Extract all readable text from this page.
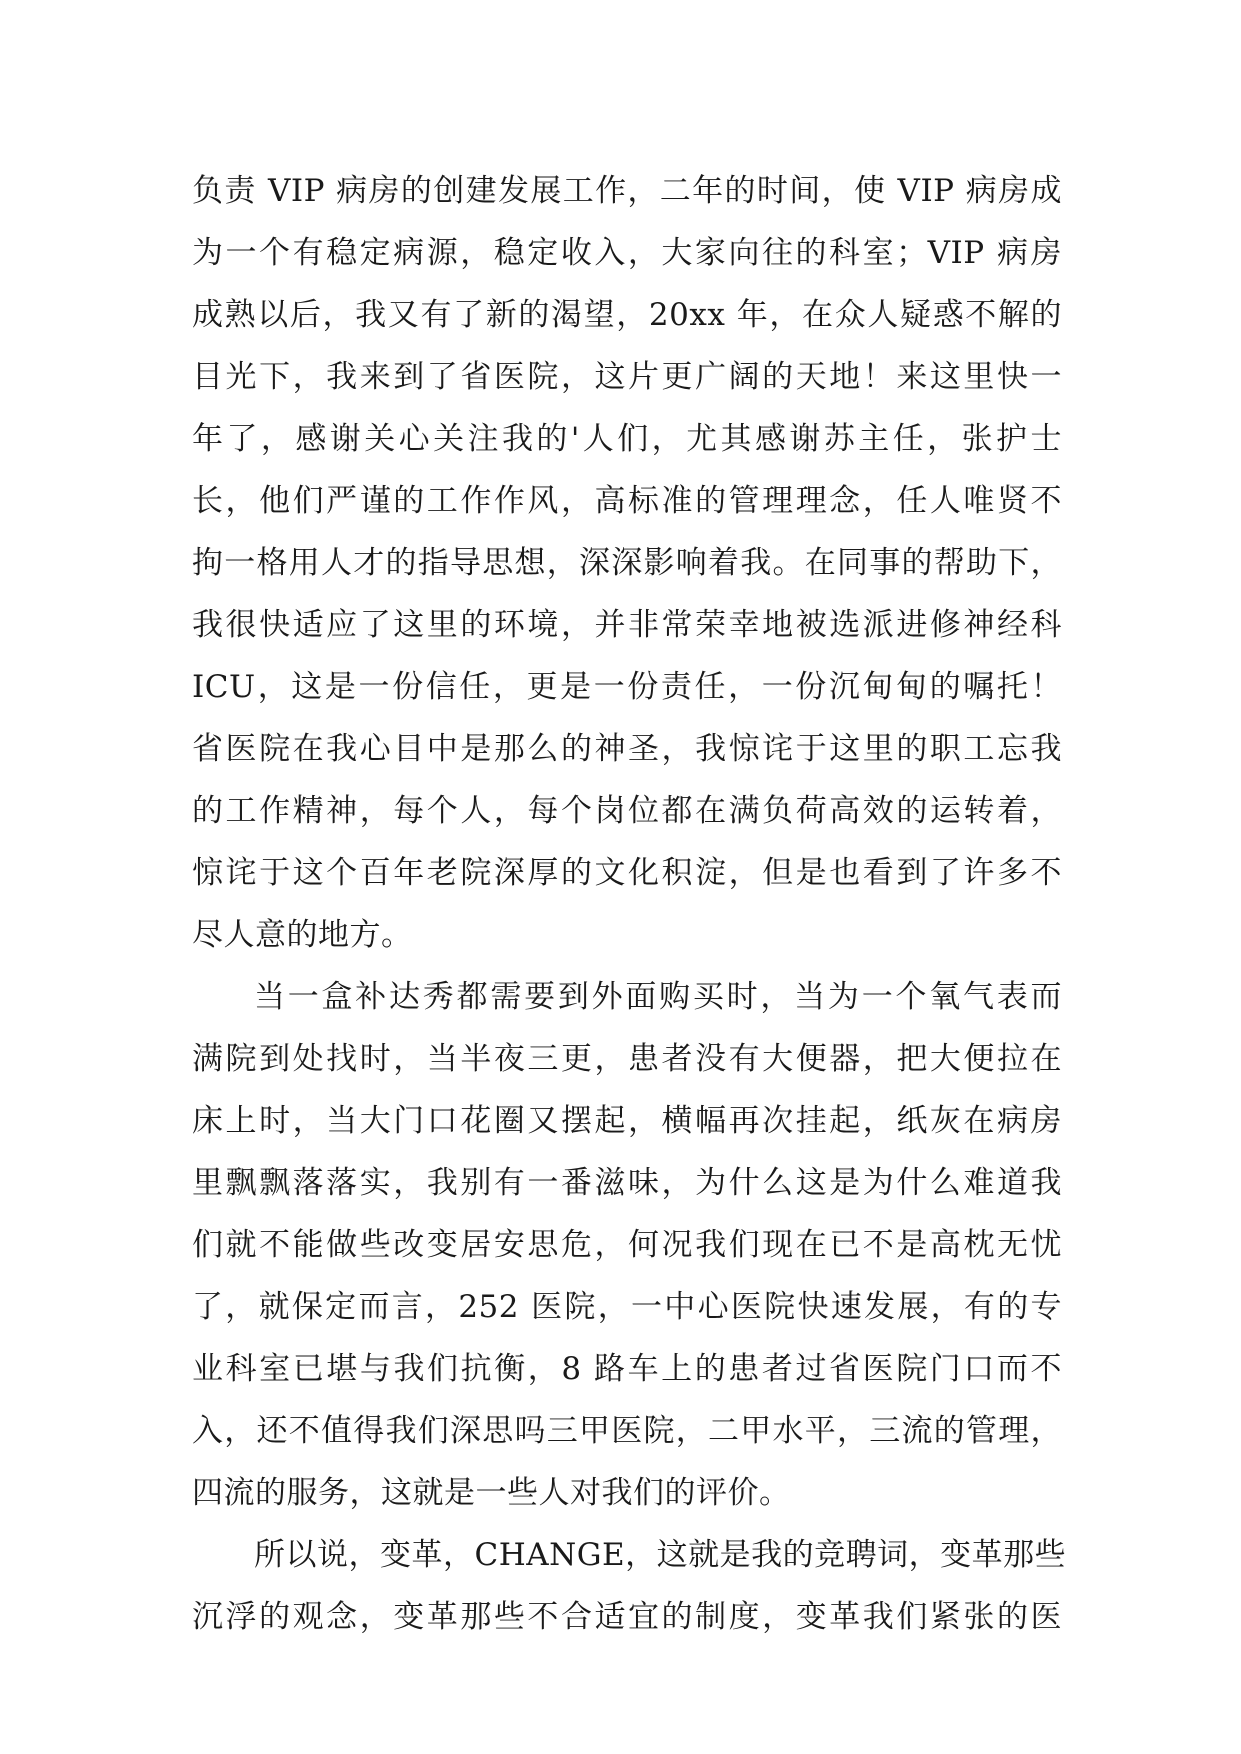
负责 VIP 病房的创建发展工作，二年的时间，使 VIP 病房成
为一个有稳定病源，稳定收入，大家向往的科室；VIP 病房
成熟以后，我又有了新的渴望，20xx 年，在众人疑惑不解的
目光下，我来到了省医院，这片更广阔的天地！来这里快一
年了，感谢关心关注我的'人们，尤其感谢苏主任，张护士
长，他们严谨的工作作风，高标准的管理理念，任人唯贤不
拘一格用人才的指导思想，深深影响着我。在同事的帮助下，
我很快适应了这里的环境，并非常荣幸地被选派进修神经科
ICU，这是一份信任，更是一份责任，一份沉甸甸的嘱托！
省医院在我心目中是那么的神圣，我惊诧于这里的职工忘我
的工作精神，每个人，每个岗位都在满负荷高效的运转着，
惊诧于这个百年老院深厚的文化积淀，但是也看到了许多不
尽人意的地方。
当一盒补达秀都需要到外面购买时，当为一个氧气表而
满院到处找时，当半夜三更，患者没有大便器，把大便拉在
床上时，当大门口花圈又摆起，横幅再次挂起，纸灰在病房
里飘飘落落实，我别有一番滋味，为什么这是为什么难道我
们就不能做些改变居安思危，何况我们现在已不是高枕无忧
了，就保定而言，252 医院，一中心医院快速发展，有的专
业科室已堪与我们抗衡，8 路车上的患者过省医院门口而不
入，还不值得我们深思吗三甲医院，二甲水平，三流的管理，
四流的服务，这就是一些人对我们的评价。
所以说，变革，CHANGE，这就是我的竞聘词，变革那些
沉浮的观念，变革那些不合适宜的制度，变革我们紧张的医
